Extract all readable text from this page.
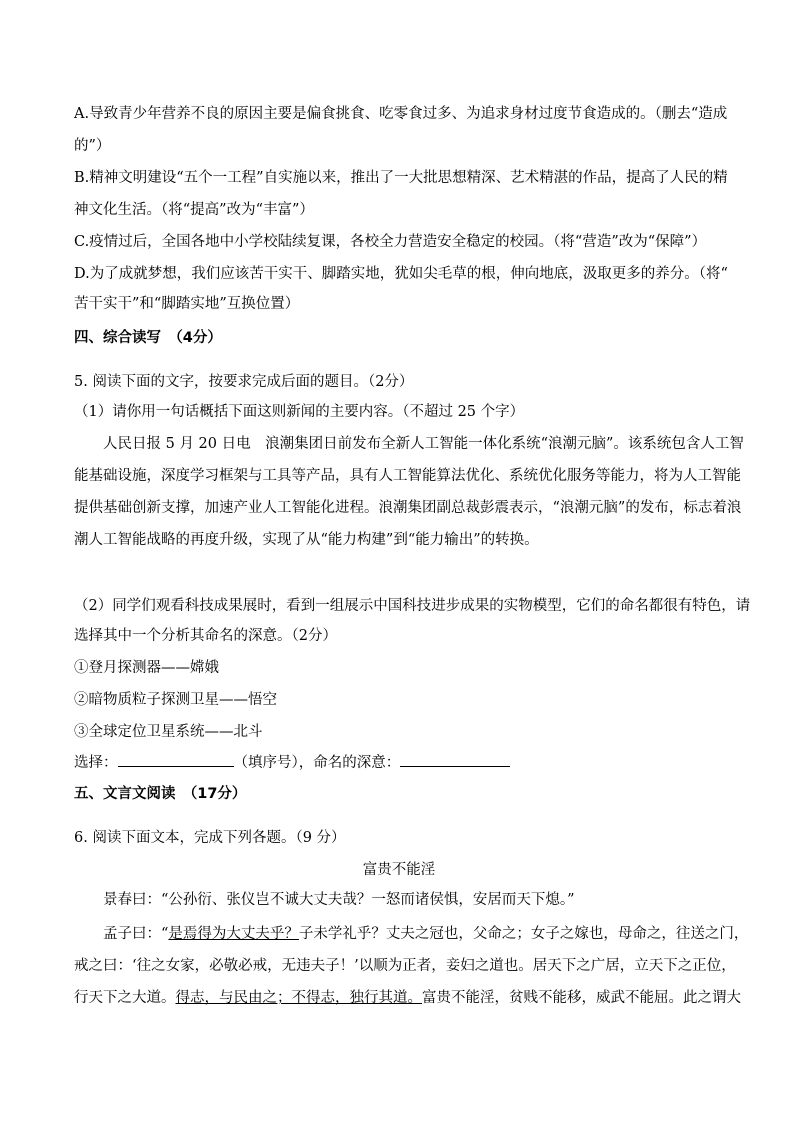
A.导致青少年营养不良的原因主要是偏食挑食、吃零食过多、为追求身材过度节食造成的。（删去“造成
的”）
B.精神文明建设“五个一工程”自实施以来，推出了一大批思想精深、艺术精湛的作品，提高了人民的精
神文化生活。（将“提高”改为“丰富”）
C.疫情过后，全国各地中小学校陆续复课，各校全力营造安全稳定的校园。（将“营造”改为“保障”）
D.为了成就梦想，我们应该苦干实干、脚踏实地，犹如尖毛草的根，伸向地底，汲取更多的养分。（将“
苦干实干”和“脚踏实地”互换位置）
四、综合读写　（4分）
5. 阅读下面的文字，按要求完成后面的题目。（2分）
（1）请你用一句话概括下面这则新闻的主要内容。（不超过 25 个字）
人民日报 5 月 20 日电　浪潮集团日前发布全新人工智能一体化系统“浪潮元脑”。该系统包含人工智
能基础设施，深度学习框架与工具等产品，具有人工智能算法优化、系统优化服务等能力，将为人工智能
提供基础创新支撑，加速产业人工智能化进程。浪潮集团副总裁彭震表示，“浪潮元脑”的发布，标志着浪
潮人工智能战略的再度升级，实现了从“能力构建”到“能力输出”的转换。
（2）同学们观看科技成果展时，看到一组展示中国科技进步成果的实物模型，它们的命名都很有特色，请
选择其中一个分析其命名的深意。（2分）
①登月探测器——嫦娥
②暗物质粒子探测卫星——悟空
③全球定位卫星系统——北斗
选择：	（填序号），命名的深意：
五、文言文阅读　（17分）
6. 阅读下面文本，完成下列各题。（9 分）
富贵不能淫
景春曰：“公孙衍、张仪岂不诚大丈夫哉？一怒而诸侯惧，安居而天下熄。”
孟子曰：“是焉得为大丈夫乎？子未学礼乎？丈夫之冠也，父命之；女子之嫁也，母命之，往送之门，
戒之曰：‘往之女家，必敬必戒，无违夫子！’以顺为正者，妾妇之道也。居天下之广居，立天下之正位，
行天下之大道。得志，与民由之；不得志，独行其道。富贵不能淫，贫贱不能移，威武不能屈。此之谓大
